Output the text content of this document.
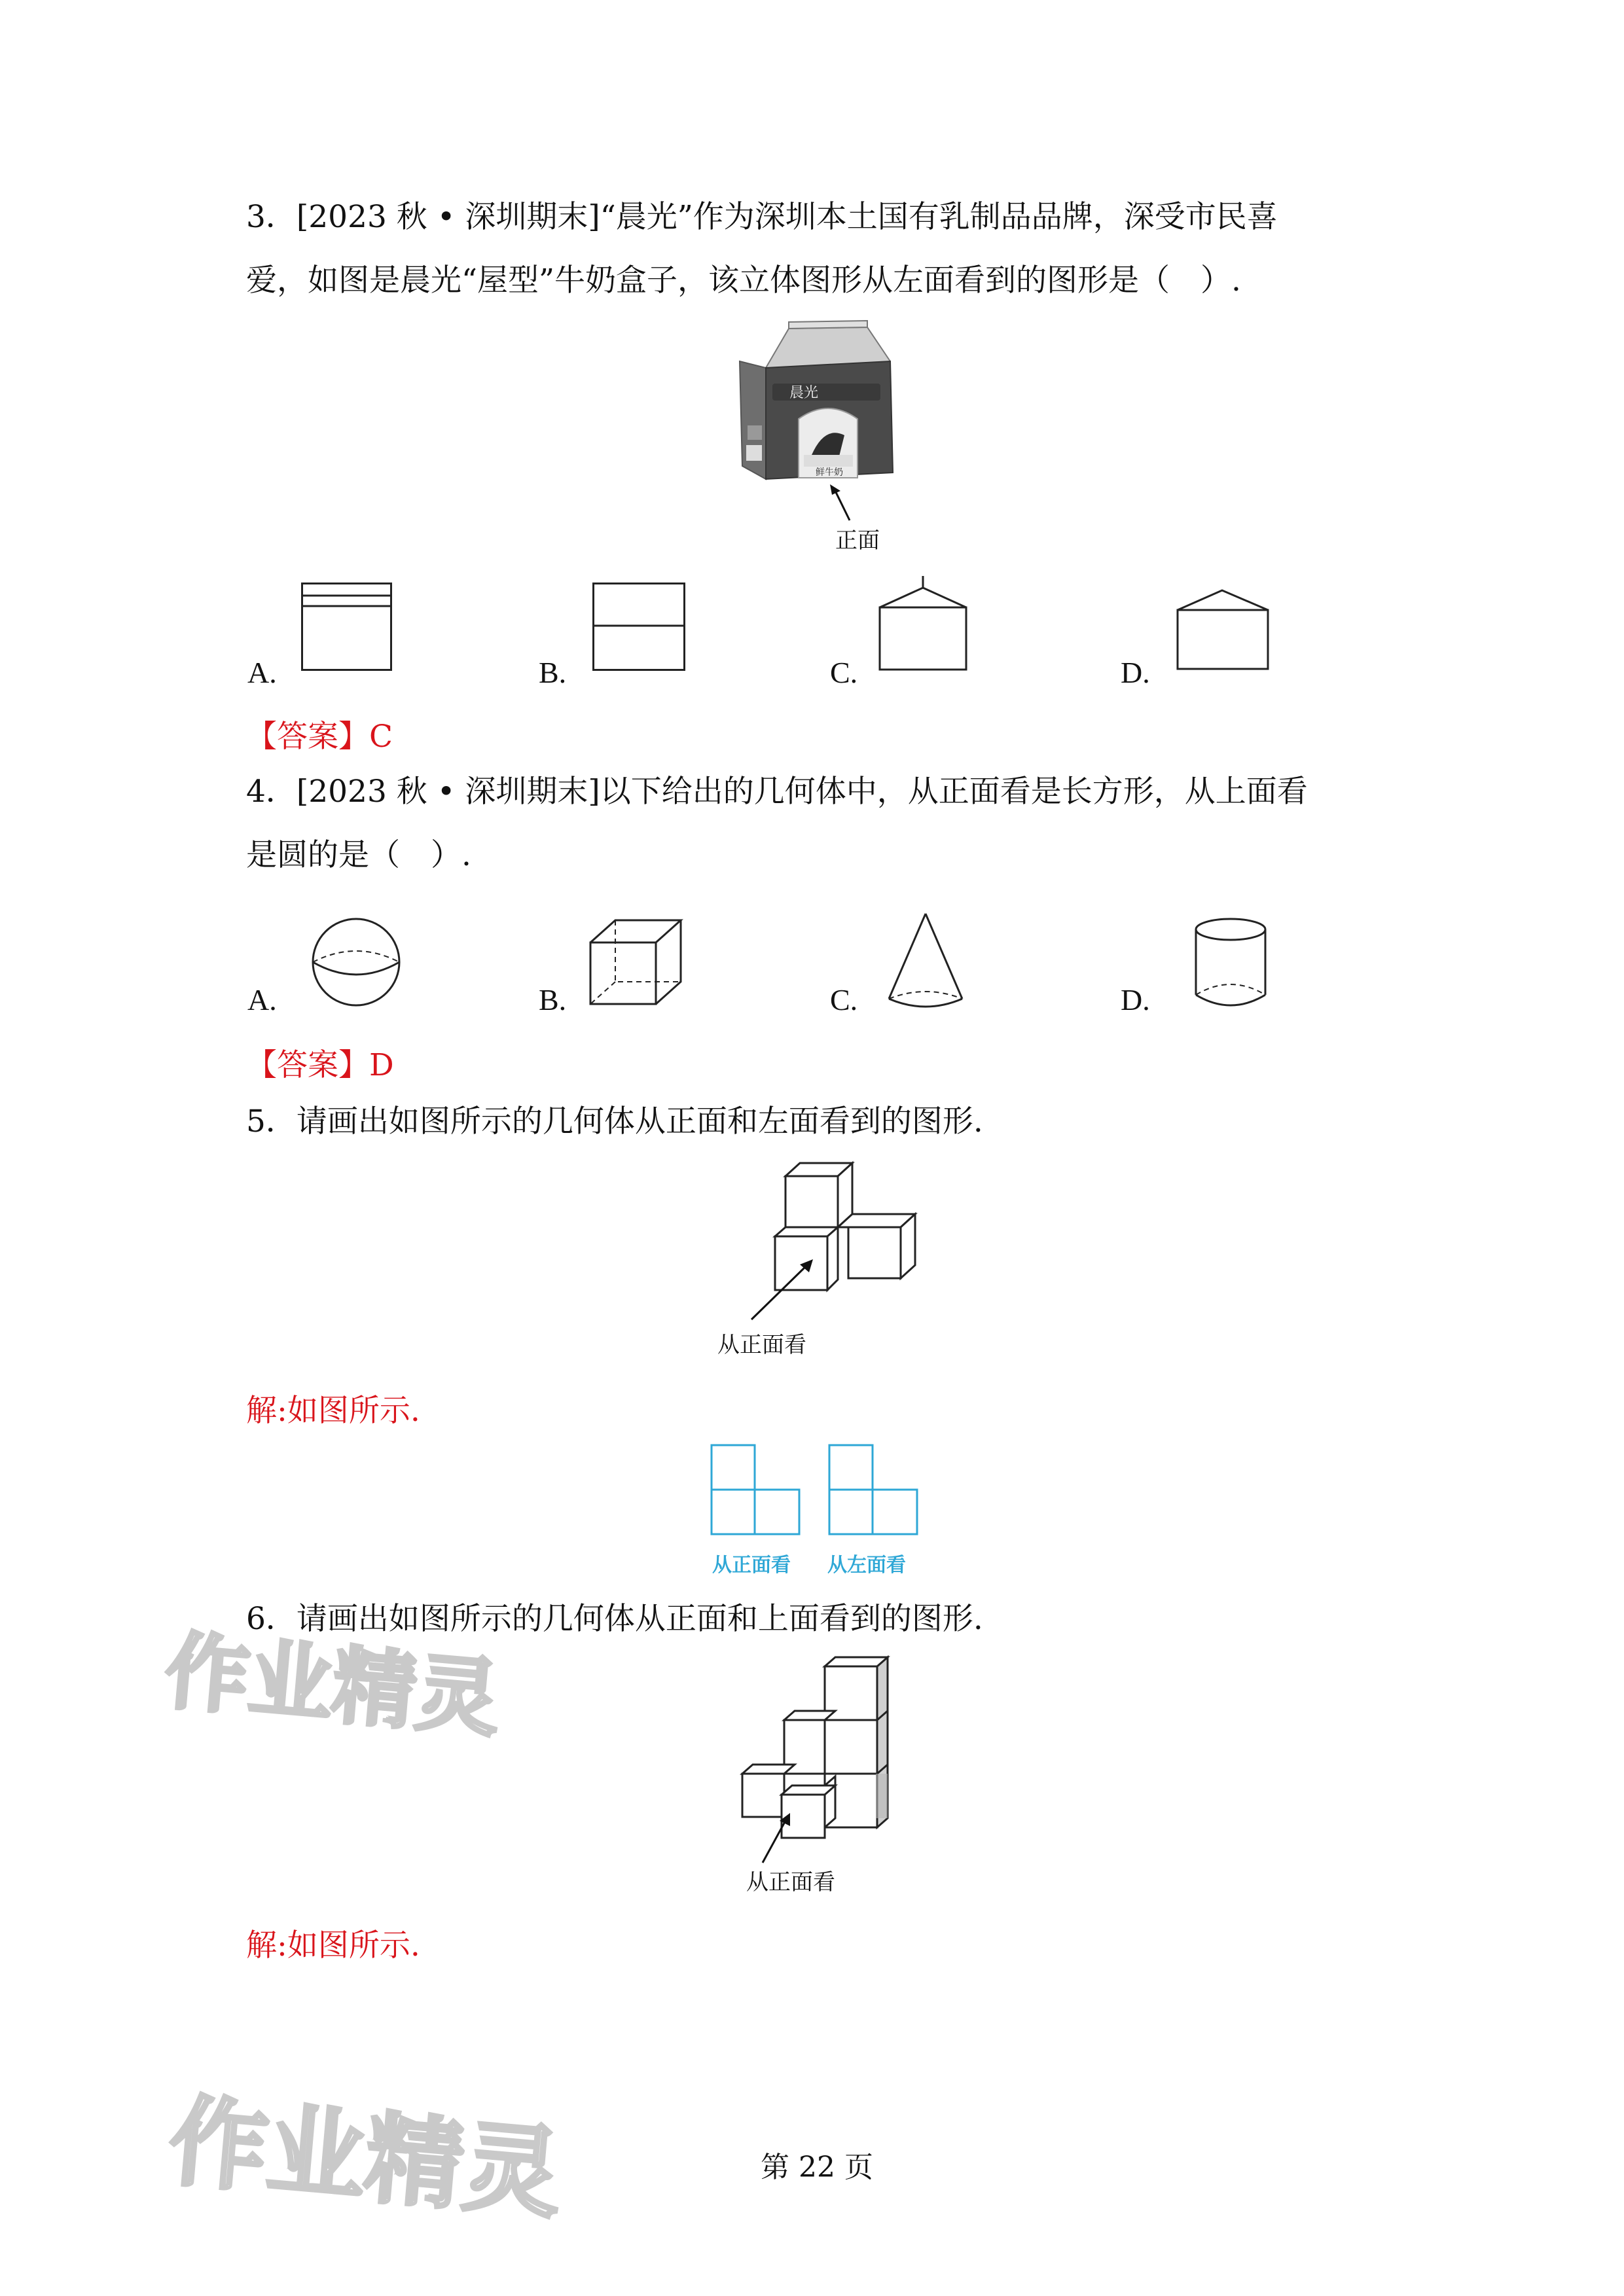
3．[2023 秋 • 深圳期末]“晨光”作为深圳本土国有乳制品品牌，深受市民喜
爱，如图是晨光“屋型”牛奶盒子，该立体图形从左面看到的图形是（　）.
晨光
鲜牛奶
正面
A.	B.	C.	D.
【答案】C
4．[2023 秋 • 深圳期末]以下给出的几何体中，从正面看是长方形，从上面看
是圆的是（　）.
A.	B.	C.	D.
【答案】D
5．请画出如图所示的几何体从正面和左面看到的图形.
从正面看
解:如图所示.
从正面看 从左面看
6．请画出如图所示的几何体从正面和上面看到的图形.
从正面看
解:如图所示.
作业精灵
作业精灵	第 22 页
